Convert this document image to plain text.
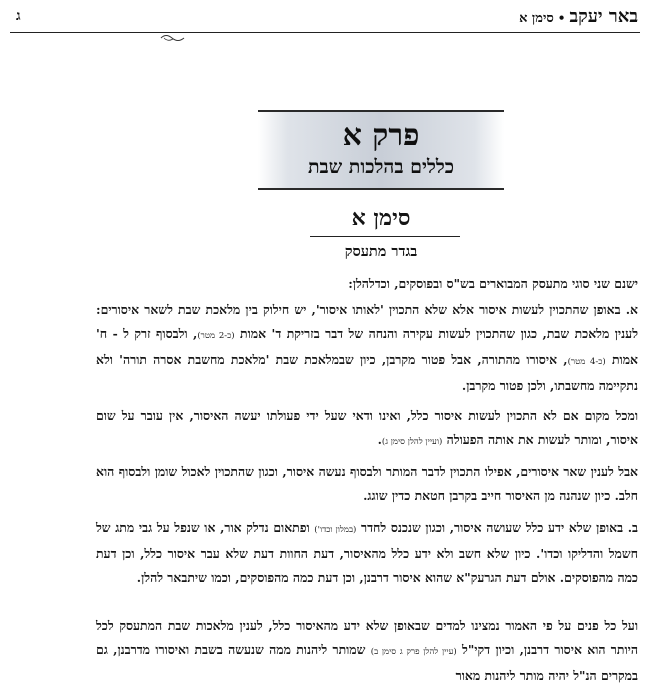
באר יעקב•סימן א
ג
פרק א
כללים בהלכות שבת
סימן א
בגדר מתעסק

ישנם שני סוגי מתעסק המבוארים בש"ס ובפוסקים, וכדלהלן:

א. באופן שהתכוין לעשות איסור אלא שלא התכוין 'לאותו איסור', יש חילוק בין מלאכת שבת לשאר איסורים: לענין מלאכת שבת, כגון שהתכוין לעשות עקירה והנחה של דבר בזריקת ד' אמות (כ-2 מטר), ולבסוף זרק ל - ח' אמות (כ-4 מטר), איסורו מהתורה, אבל פטור מקרבן, כיון שבמלאכת שבת 'מלאכת מחשבת אסרה תורה' ולא נתקיימה מחשבתו, ולכן פטור מקרבן.

ומכל מקום אם לא התכוין לעשות איסור כלל, ואינו ודאי שעל ידי פעולתו יעשה האיסור, אין עובר על שום איסור, ומותר לעשות את אותה הפעולה (ועיין להלן סימן ג).

אבל לענין שאר איסורים, אפילו התכוין לדבר המותר ולבסוף נעשה איסור, וכגון שהתכוין לאכול שומן ולבסוף הוא חלב. כיון שנהנה מן האיסור חייב בקרבן חטאת כדין שוגג.

ב. באופן שלא ידע כלל שעושה איסור, וכגון שנכנס לחדר (במלון וכדו') ופתאום נדלק אור, או שנפל על גבי מתג של חשמל והדליקו וכדו'. כיון שלא חשב ולא ידע כלל מהאיסור, דעת החוות דעת שלא עבר איסור כלל, וכן דעת כמה מהפוסקים. אולם דעת הגרעק"א שהוא איסור דרבנן, וכן דעת כמה מהפוסקים, וכמו שיתבאר להלן.

ועל כל פנים על פי האמור נמצינו למדים שבאופן שלא ידע מהאיסור כלל, לענין מלאכות שבת המתעסק לכל היותר הוא איסור דרבנן, וכיון דקי"ל (עיין להלן פרק ג סימן ב) שמותר ליהנות ממה שנעשה בשבת ואיסורו מדרבנן, גם במקרים הנ"ל יהיה מותר ליהנות מאור
